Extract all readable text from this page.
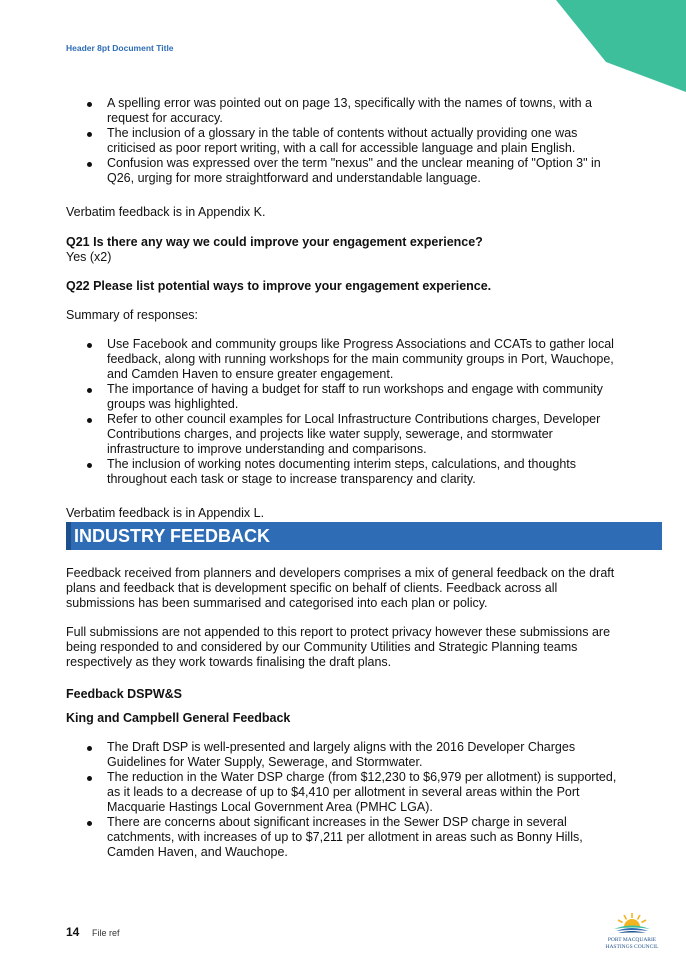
Header 8pt Document Title
A spelling error was pointed out on page 13, specifically with the names of towns, with a request for accuracy.
The inclusion of a glossary in the table of contents without actually providing one was criticised as poor report writing, with a call for accessible language and plain English.
Confusion was expressed over the term "nexus" and the unclear meaning of "Option 3" in Q26, urging for more straightforward and understandable language.

Verbatim feedback is in Appendix K.

Q21 Is there any way we could improve your engagement experience?

Yes (x2)

Q22 Please list potential ways to improve your engagement experience.

Summary of responses:

Use Facebook and community groups like Progress Associations and CCATs to gather local feedback, along with running workshops for the main community groups in Port, Wauchope, and Camden Haven to ensure greater engagement.
The importance of having a budget for staff to run workshops and engage with community groups was highlighted.
Refer to other council examples for Local Infrastructure Contributions charges, Developer Contributions charges, and projects like water supply, sewerage, and stormwater infrastructure to improve understanding and comparisons.
The inclusion of working notes documenting interim steps, calculations, and thoughts throughout each task or stage to increase transparency and clarity.

Verbatim feedback is in Appendix L.

INDUSTRY FEEDBACK

Feedback received from planners and developers comprises a mix of general feedback on the draft plans and feedback that is development specific on behalf of clients. Feedback across all submissions has been summarised and categorised into each plan or policy.

Full submissions are not appended to this report to protect privacy however these submissions are being responded to and considered by our Community Utilities and Strategic Planning teams respectively as they work towards finalising the draft plans.

Feedback DSPW&S

King and Campbell General Feedback

The Draft DSP is well-presented and largely aligns with the 2016 Developer Charges Guidelines for Water Supply, Sewerage, and Stormwater.
The reduction in the Water DSP charge (from $12,230 to $6,979 per allotment) is supported, as it leads to a decrease of up to $4,410 per allotment in several areas within the Port Macquarie Hastings Local Government Area (PMHC LGA).
There are concerns about significant increases in the Sewer DSP charge in several catchments, with increases of up to $7,211 per allotment in areas such as Bonny Hills, Camden Haven, and Wauchope.
14 File ref
PORT MACQUARIE
HASTINGS COUNCIL
